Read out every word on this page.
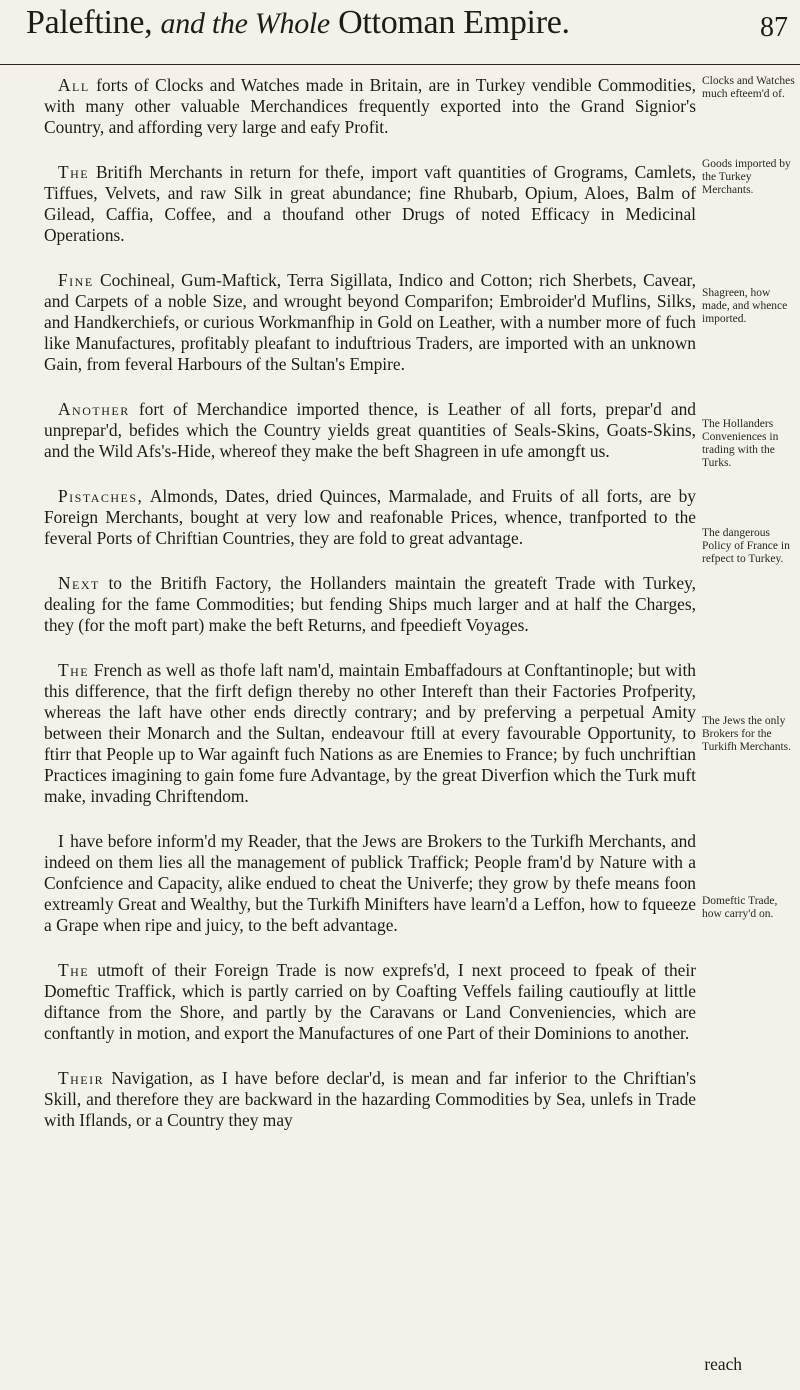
Paleftine, and the Whole Ottoman Empire.	87

All forts of Clocks and Watches made in Britain, are in Turkey vendible Commodities, with many other valuable Merchandices frequently exported into the Grand Signior's Country, and affording very large and eafy Profit.

The Britifh Merchants in return for thefe, import vaft quantities of Grograms, Camlets, Tiffues, Velvets, and raw Silk in great abundance; fine Rhubarb, Opium, Aloes, Balm of Gilead, Caffia, Coffee, and a thoufand other Drugs of noted Efficacy in Medicinal Operations.

Fine Cochineal, Gum-Maftick, Terra Sigillata, Indico and Cotton; rich Sherbets, Cavear, and Carpets of a noble Size, and wrought beyond Comparifon; Embroider'd Muflins, Silks, and Handkerchiefs, or curious Workmanfhip in Gold on Leather, with a number more of fuch like Manufactures, profitably pleafant to induftrious Traders, are imported with an unknown Gain, from feveral Harbours of the Sultan's Empire.

Another fort of Merchandice imported thence, is Leather of all forts, prepar'd and unprepar'd, befides which the Country yields great quantities of Seals-Skins, Goats-Skins, and the Wild Afs's-Hide, whereof they make the beft Shagreen in ufe amongft us.

Pistaches, Almonds, Dates, dried Quinces, Marmalade, and Fruits of all forts, are by Foreign Merchants, bought at very low and reafonable Prices, whence, tranfported to the feveral Ports of Chriftian Countries, they are fold to great advantage.

Next to the Britifh Factory, the Hollanders maintain the greateft Trade with Turkey, dealing for the fame Commodities; but fending Ships much larger and at half the Charges, they (for the moft part) make the beft Returns, and fpeedieft Voyages.

The French as well as thofe laft nam'd, maintain Embaffadours at Conftantinople; but with this difference, that the firft defign thereby no other Intereft than their Factories Profperity, whereas the laft have other ends directly contrary; and by preferving a perpetual Amity between their Monarch and the Sultan, endeavour ftill at every favourable Opportunity, to ftirr that People up to War againft fuch Nations as are Enemies to France; by fuch unchriftian Practices imagining to gain fome fure Advantage, by the great Diverfion which the Turk muft make, invading Chriftendom.

I have before inform'd my Reader, that the Jews are Brokers to the Turkifh Merchants, and indeed on them lies all the management of publick Traffick; People fram'd by Nature with a Confcience and Capacity, alike endued to cheat the Univerfe; they grow by thefe means foon extreamly Great and Wealthy, but the Turkifh Minifters have learn'd a Leffon, how to fqueeze a Grape when ripe and juicy, to the beft advantage.

The utmoft of their Foreign Trade is now exprefs'd, I next proceed to fpeak of their Domeftic Traffick, which is partly carried on by Coafting Veffels failing cautioufly at little diftance from the Shore, and partly by the Caravans or Land Conveniencies, which are conftantly in motion, and export the Manufactures of one Part of their Dominions to another.

Their Navigation, as I have before declar'd, is mean and far inferior to the Chriftian's Skill, and therefore they are backward in the hazarding Commodities by Sea, unlefs in Trade with Iflands, or a Country they may

Clocks and Watches much efteem'd of.
Goods imported by the Turkey Merchants.
Shagreen, how made, and whence imported.
The Hollanders Conveniences in trading with the Turks.
The dangerous Policy of France in refpect to Turkey.
The Jews the only Brokers for the Turkifh Merchants.
Domeftic Trade, how carry'd on.
reach
